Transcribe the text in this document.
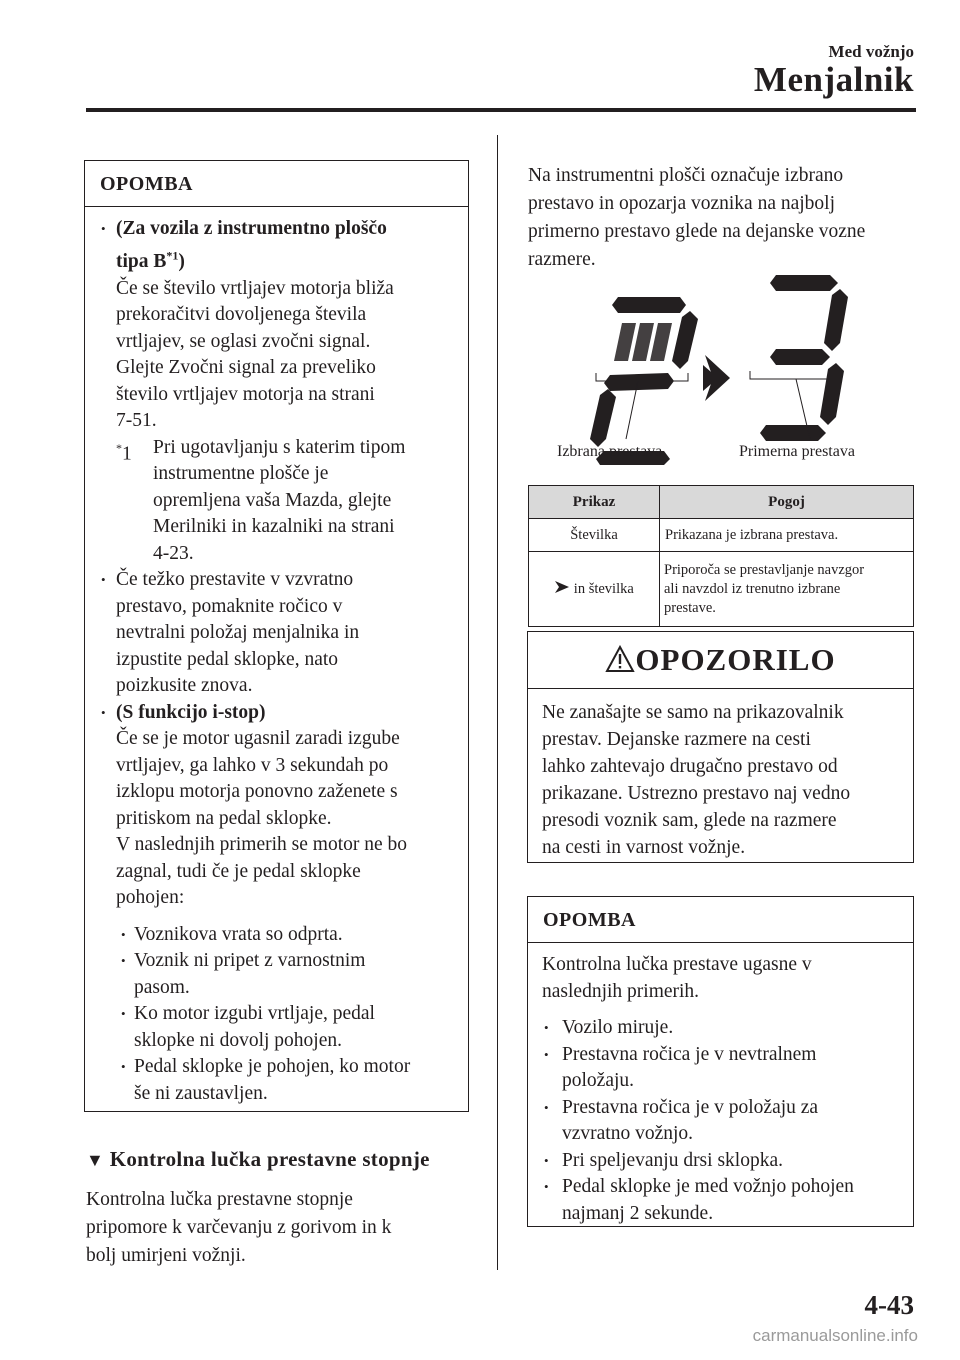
Med vožnjo
Menjalnik
OPOMBA
• (Za vozila z instrumentno ploščo
tipa $B^{*1}$)
Če se število vrtljajev motorja bliža
prekoračitvi dovoljenega števila
vrtljajev, se oglasi zvočni signal.
Glejte Zvočni signal za preveliko
število vrtljajev motorja na strani
7-51.
*1 Pri ugotavljanju s katerim tipom
instrumentne plošče je
opremljena vaša Mazda, glejte
Merilniki in kazalniki na strani
4-23.
• Če težko prestavite v vzvratno
prestavo, pomaknite ročico v
nevtralni položaj menjalnika in
izpustite pedal sklopke, nato
poizkusite znova.
• (S funkcijo i-stop)
Če se je motor ugasnil zaradi izgube
vrtljajev, ga lahko v 3 sekundah po
izklopu motorja ponovno zaženete s
pritiskom na pedal sklopke.
V naslednjih primerih se motor ne bo
zagnal, tudi če je pedal sklopke
pohojen:
• Voznikova vrata so odprta.
• Voznik ni pripet z varnostnim
pasom.
• Ko motor izgubi vrtljaje, pedal
sklopke ni dovolj pohojen.
• Pedal sklopke je pohojen, ko motor
še ni zaustavljen.
▼ Kontrolna lučka prestavne stopnje
Kontrolna lučka prestavne stopnje
pripomore k varčevanju z gorivom in k
bolj umirjeni vožnji.
Na instrumentni plošči označuje izbrano
prestavo in opozarja voznika na najbolj
primerno prestavo glede na dejanske vozne
razmere.
Izbrana prestava	Primerna prestava
Prikaz	Pogoj
Številka	Prikazana je izbrana prestava.
in številka	Priporoča se prestavljanje navzgor
ali navzdol iz trenutno izbrane
prestave.
OPOZORILO
Ne zanašajte se samo na prikazovalnik
prestav. Dejanske razmere na cesti
lahko zahtevajo drugačno prestavo od
prikazane. Ustrezno prestavo naj vedno
presodi voznik sam, glede na razmere
na cesti in varnost vožnje.
OPOMBA
Kontrolna lučka prestave ugasne v
naslednjih primerih.
• Vozilo miruje.
• Prestavna ročica je v nevtralnem
položaju.
• Prestavna ročica je v položaju za
vzvratno vožnjo.
• Pri speljevanju drsi sklopka.
• Pedal sklopke je med vožnjo pohojen
najmanj 2 sekunde.
4-43
carmanualsonline.info
